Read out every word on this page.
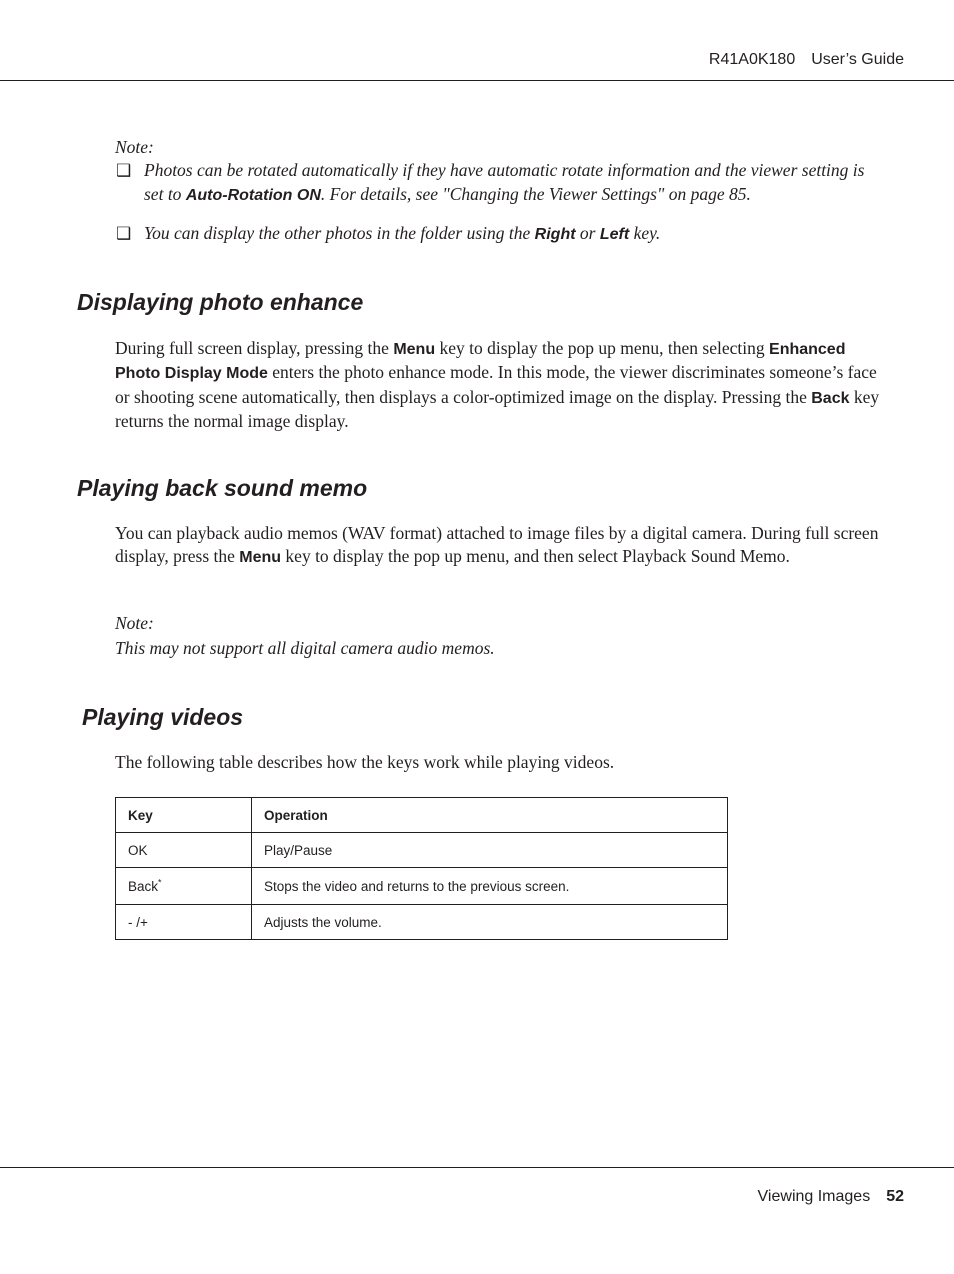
R41A0K180 User’s Guide
Note:
❑ Photos can be rotated automatically if they have automatic rotate information and the viewer setting is set to Auto-Rotation ON. For details, see "Changing the Viewer Settings" on page 85.
❑ You can display the other photos in the folder using the Right or Left key.
Displaying photo enhance
During full screen display, pressing the Menu key to display the pop up menu, then selecting Enhanced Photo Display Mode enters the photo enhance mode. In this mode, the viewer discriminates someone’s face or shooting scene automatically, then displays a color-optimized image on the display. Pressing the Back key returns the normal image display.
Playing back sound memo
You can playback audio memos (WAV format) attached to image files by a digital camera. During full screen display, press the Menu key to display the pop up menu, and then select Playback Sound Memo.
Note:
This may not support all digital camera audio memos.
Playing videos
The following table describes how the keys work while playing videos.
Key	Operation
OK	Play/Pause
Back*	Stops the video and returns to the previous screen.
- /+	Adjusts the volume.
Viewing Images 52
